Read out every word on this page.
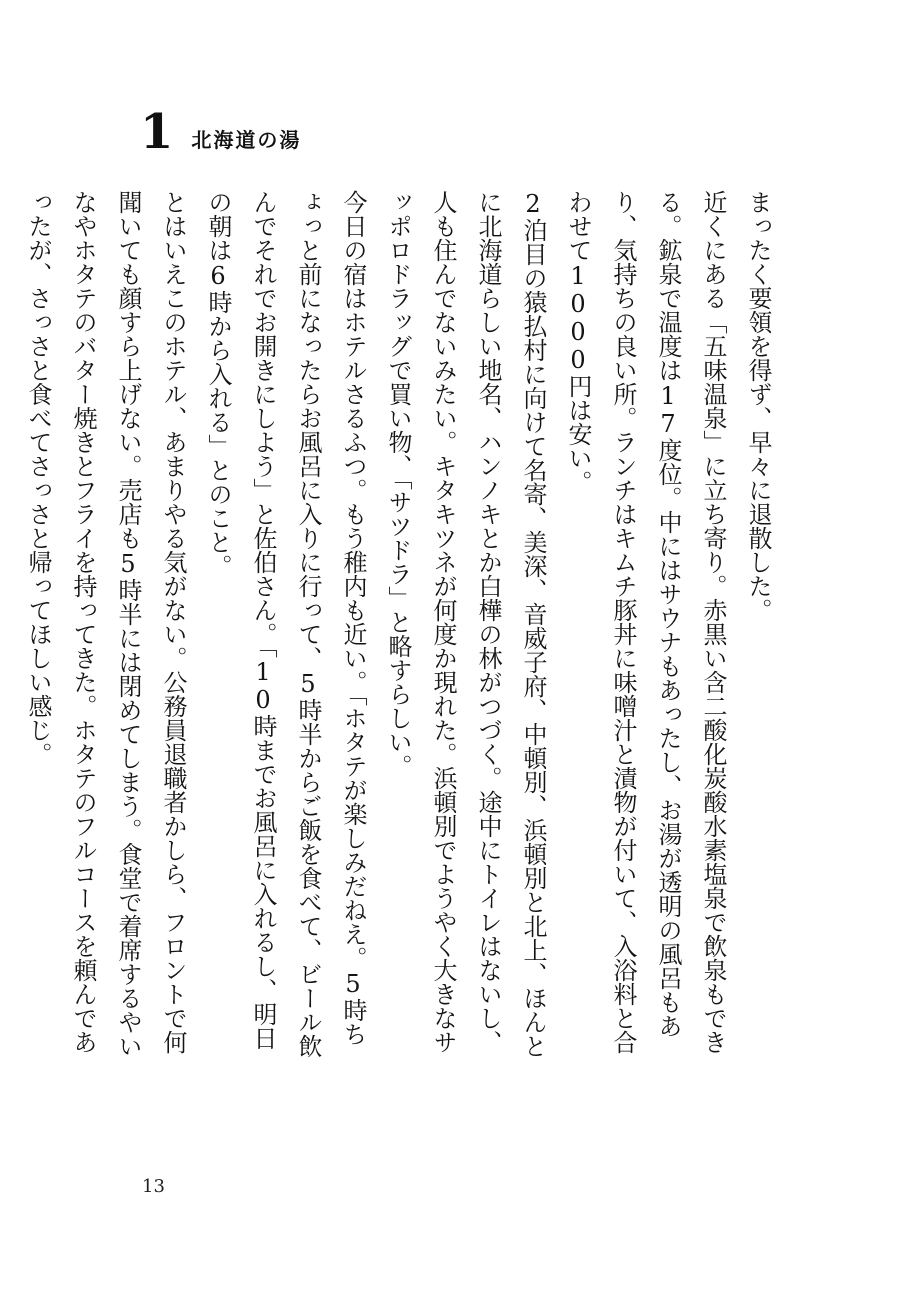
1 北海道の湯

まったく要領を得ず、早々に退散した。

近くにある「五味温泉」に立ち寄り。赤黒い含二酸化炭酸水素塩泉で飲泉もできる。鉱泉で温度は17度位。中にはサウナもあったし、お湯が透明の風呂もあり、気持ちの良い所。ランチはキムチ豚丼に味噌汁と漬物が付いて、入浴料と合わせて1000円は安い。

2泊目の猿払村に向けて名寄、美深、音威子府、中頓別、浜頓別と北上、ほんとに北海道らしい地名、ハンノキとか白樺の林がつづく。途中にトイレはないし、人も住んでないみたい。キタキツネが何度か現れた。浜頓別でようやく大きなサッポロドラッグで買い物、「サツドラ」と略すらしい。

今日の宿はホテルさるふつ。もう稚内も近い。「ホタテが楽しみだねえ。5時ちょっと前になったらお風呂に入りに行って、5時半からご飯を食べて、ビール飲んでそれでお開きにしよう」と佐伯さん。「10時までお風呂に入れるし、明日の朝は6時から入れる」とのこと。

とはいえこのホテル、あまりやる気がない。公務員退職者かしら、フロントで何聞いても顔すら上げない。売店も5時半には閉めてしまう。食堂で着席するやいなやホタテのバター焼きとフライを持ってきた。ホタテのフルコースを頼んであったが、さっさと食べてさっさと帰ってほしい感じ。

13
